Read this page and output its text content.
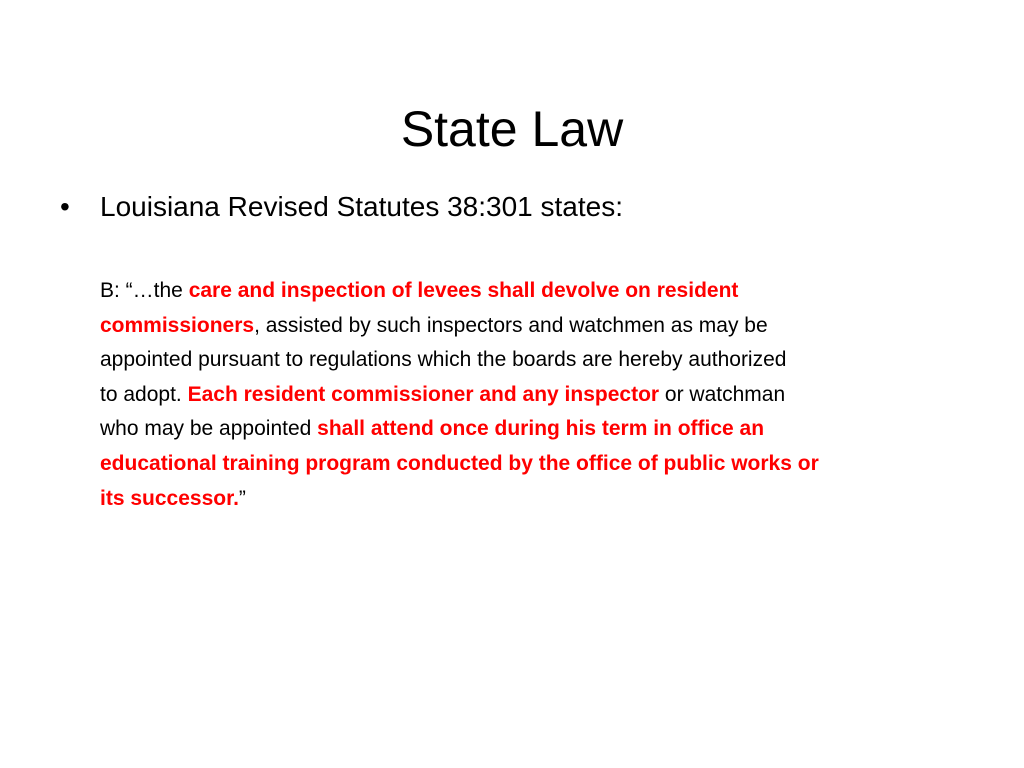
State Law
• Louisiana Revised Statutes 38:301 states:
B: “…the care and inspection of levees shall devolve on resident
commissioners, assisted by such inspectors and watchmen as may be
appointed pursuant to regulations which the boards are hereby authorized
to adopt. Each resident commissioner and any inspector or watchman
who may be appointed shall attend once during his term in office an
educational training program conducted by the office of public works or
its successor.”
